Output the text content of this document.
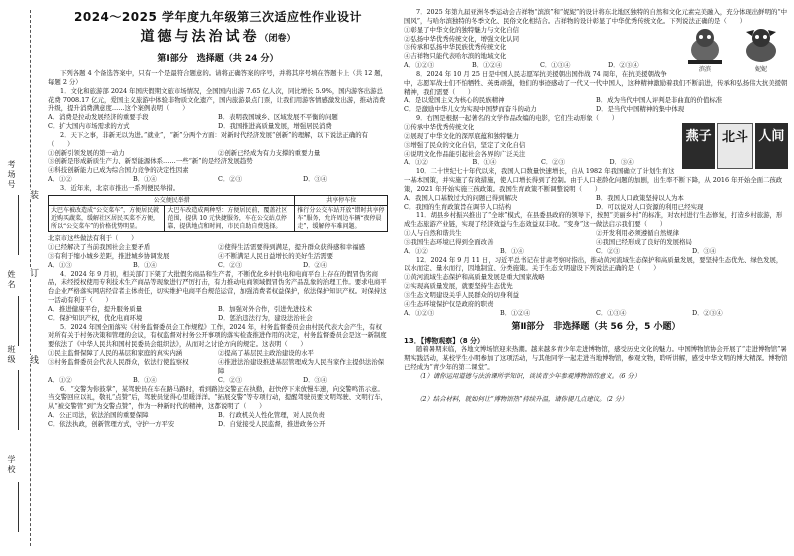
考场号
姓名
班级
学校
装
订
线
2024～2025 学年度九年级第三次适应性作业设计
道德与法治试卷（闭卷）
第Ⅰ部分　选择题（共 24 分）
下列各题 4 个备选答案中，只有一个是最符合题意的。请将正确答案的序号，并将其序号填在答题卡上（共 12 题，每题 2 分）
1．文化和旅游部 2024 年国庆假期文旅市场情况，全国国内出游 7.65 亿人次，同比增长 5.9%，国内游客出游总花费 7008.17 亿元，爱国主义旅游中体验非物质文化遗产，国内旅游景点门票，让我们用游客情感激发出游，推动消费升级，提升消费满意度……这个案例表明（　　）
A．消费是拉动发展经济的重要手段	B．表明我国城乡、区域发展不平衡的问题
C．扩大国内市场需求的方式	D．我国推进高质量发展，增强居民消费
2．天下之事，非新无以为进。”就业”，“新”分两个方面：对新时代经济发展“创新”的理解，以下说法正确的有（　　）
①创新引领发展的第一动力	②创新已经成为有力支撑的重要力量
③创新是形成新质生产力、新型能源体系……一些“新”的是经济发展趋势
④科技创新能力已成为综合国力竞争的决定性因素
A．①②	B．①④	C．②③	D．③④
3．近年来，北京市推出一系列便民举措。
公交便民举措		共享停车位
大巴车被改造成“公交菜车”，方便居民就近购买蔬菜，缓解社区居民买菜不方便，所以“公交菜车”的价格优势明显。	大巴车改造成两种型：方便居民前，覆盖社区范围，提供 10 元快捷服务，车在公交站点停靠，提供地点和时间，市民自助自费选择。	推行分公交车站开放“错时共享停车”服务，允许周边车辆“夜停晨走”，缓解停车难问题。
北京市这些做法有利于（　　）
①已经解决了当前我国社会主要矛盾	②使得生活需要得到满足，提升群众获得感和幸福感
③有利于缩小城乡差距，推进城乡协调发展	④不断满足人民日益增长的美好生活需要
A．①③	B．①④	C．②③	D．②④
4．2024 年 9 月初，相关部门下架了大批假劣商品和生产者，不断优化乡村供电和电商平台上存在的假冒伪劣商品，未经授权使用专利技术生产商品等现象进行严厉打击，有力推动电商领域假冒伪劣产品乱象的治理工作。要求电商平台企业严格落实网店经营者主体责任，切实维护电商平台规范运营，加强消费者权益保护，依法保护知识产权。对保持这一活动有利于（　　）
A．推进健康平台，提升服务质量	B．加强对外合作，引进先进技术
C．保护知识产权，优化电商环境	D．惩治违法行为，建设法治社会
5．2024 年国全面落实《村务监督委员会工作规程》工作，2024 年，村务监督委员会由村民代表大会产生，有权对所有关于村务决策和管理的会议，有权监督对村务公开事项的落实检查推进作用的决定，村务监督委员会是这一新制度要依法了《中华人民共和国村民委员会组织法》，从而对之讨论方向的规定。这表明（　　）
①民主监督保障了人民的基层和家庭的真实内涵	②提高了基层民主政治建设的水平
③村务监督委员会代表人民群众，依法行使监察权	④推进法治建设推进基层管理成为人民当家作主提供法治保障
A．①②	B．①④	C．②③	D．③④
6．“交警为你鼓掌”，某驾驶员在车在路马路时，看到路边交警正在执勤，赶快停下来放慢车速，向交警鸣笛示意。当交警回应以礼，敬礼“点赞”后，驾驶员觉得心里暖洋洋。“拓展交警”等专项行动，提醒驾驶员要文明驾驶、文明行车，从“被交警管”到“为交警点赞”，作为一种新时代的精神，这都说明了（　　）
A．公正司法，依法治国的重要保障	B．行政机关人性化管理，对人民负责
C．依法执政，创新管理方式，守护一方平安	D．自觉接受人民监督，推进政务公开
7．2025 年第九届亚洲冬季运动会吉祥物“滨滨”和“妮妮”的设计将东北地区独特的自然和文化元素完美融入，充分体现出鲜明的“中国风”，与哈尔滨独特的冬季文化、民俗文化相结合。吉祥物的设计彰显了中华优秀传统文化。下列说法正确的是（　　）
滨滨	妮妮
①彰显了中华文化的独特魅力与文化自信
②弘扬中华优秀传统文化，增强文化认同
③传承和弘扬中华民族优秀传统文化
④吉祥物只能代表哈尔滨的地域文化
A．①②③	B．①②④	C．①③④	D．②③④
8．2024 年 10 月 25 日是中国人民志愿军抗美援朝出国作战 74 周年，在抗美援朝战争中，志愿军战士们不怕牺牲、英勇顽强，他们的事迹感动了一代又一代中国人，这种精神激励着我们不断前进，传承和弘扬伟大抗美援朝精神，我们需要（　　）
A．是以爱国主义为核心的民族精神	B．成为当代中国人评判是非曲直的价值标准
C．是激励中华儿女为实现中国梦而奋斗的动力	D．是当代中国精神的集中体现
9．右图是根据一起著名的文学作品改编的电影，它们生动形象（　　）
燕子 北斗 人间
①传承中华优秀传统文化
②展现了中华文化的深厚底蕴和独特魅力
③增强了民众的文化自信，坚定了文化自信
④说明文化作品能引起社会各界的广泛关注
A．①②	B．①④	C．②③	D．③④
10．二十世纪七十年代以来，我国人口数量快速增长，自从 1982 年我国确立了计划生育这一基本国策，并实施了有效措施，使人口增长得到了控制。由于人口老龄化问题的加剧，出生率不断下降，从 2016 年开始全面二孩政策，2021 年开始实施三孩政策。我国生育政策不断调整说明（　　）
A．我国人口基数过大的问题已得到解决	B．我国人口政策坚持以人为本
C．我国的生育政策旨在调节人口结构	D．可以说对人口资源的利用已经实现
11．胡县乡村振兴推出了“全球”模式，在县委县政府的领导下，按照“美丽乡村”的标准，对农村进行生态修复，打造乡村旅游，形成生态旅游产业链，实现了经济效益与生态效益双丰收。“变身”这一做法启示我们要（　　）
①人与自然和谐共生	②开发利用必须遵循自然规律
③我国生态环境已得到全面改善	④我国已经形成了良好的发展格局
A．①②	B．①④	C．②③	D．③④
12．2024 年 9 月 11 日，习近平总书记在甘肃考察时指出，推动黄河流域生态保护和高质量发展，要坚持生态优先、绿色发展，以水而定、量水而行，因地制宜、分类施策。关于生态文明建设下列说法正确的是（　　）
①黄河流域生态保护和高质量发展是重大国家战略
②实现高质量发展，就要坚持生态优先
③生态文明建设关乎人民群众的切身利益
④生态环境保护仅是政府的职责
A．①②③	B．①②④	C．①③④	D．②③④
第Ⅱ部分　非选择题（共 56 分，5 小题）
13．【博物观察】（8 分）
随着暑期来临，各地文博场馆迎来热潮。越来越多青少年走进博物馆，感受历史文化的魅力。中国博物馆协会开展了“走进博物馆”暑期实践活动，某校学生小明参加了这项活动，与其他同学一起走进当地博物馆，参观文物，聆听讲解，感受中华文明的博大精深。博物馆已经成为“青少年的第二课堂”。
（1）请你运用道德与法治课所学知识，谈谈青少年参观博物馆的意义。（6 分）
（2）结合材料，就如何让“博物馆热”持续升温，请你提几点建议。（2 分）
